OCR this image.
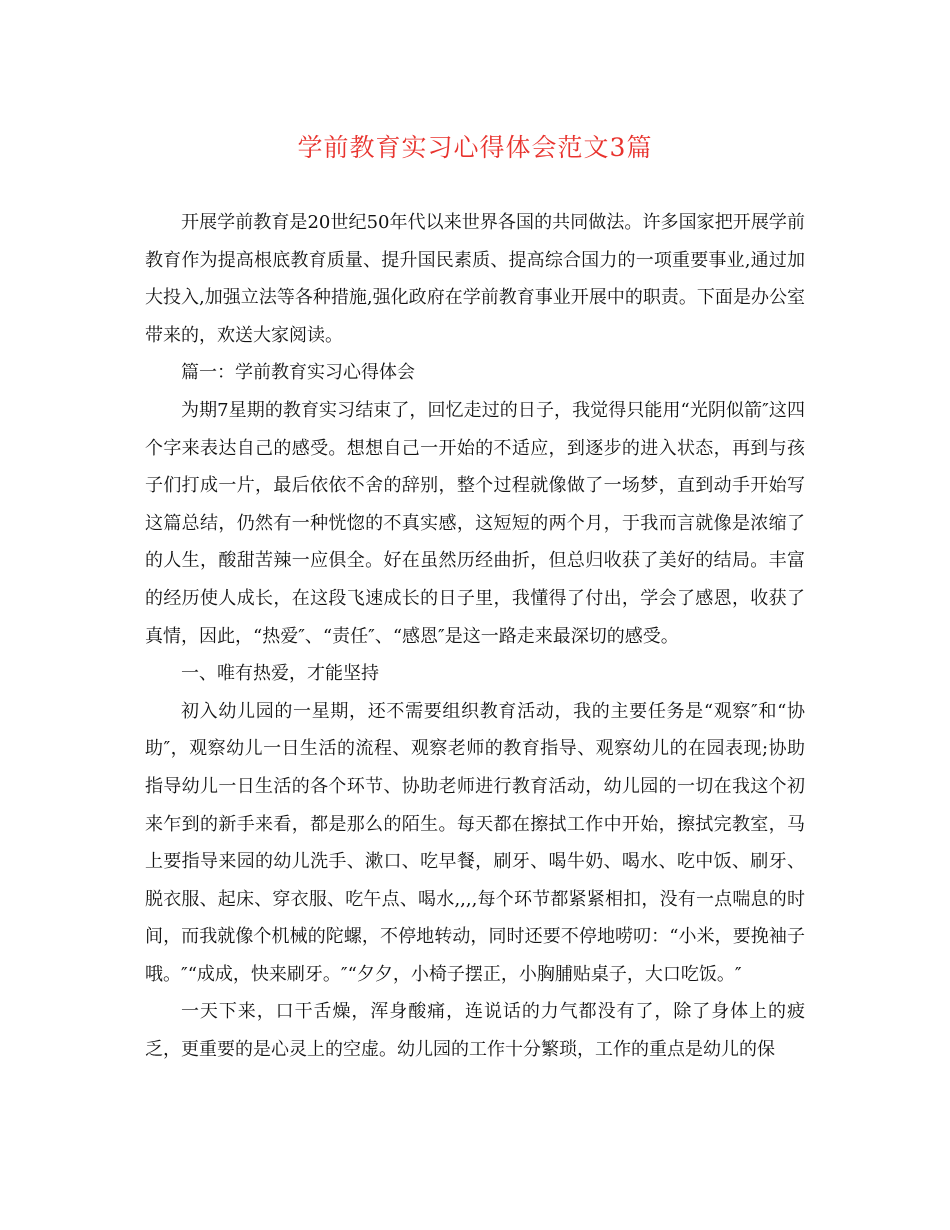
学前教育实习心得体会范文3篇

开展学前教育是20世纪50年代以来世界各国的共同做法。许多国家把开展学前教育作为提高根底教育质量、提升国民素质、提高综合国力的一项重要事业,通过加大投入,加强立法等各种措施,强化政府在学前教育事业开展中的职责。下面是办公室带来的，欢送大家阅读。

篇一：学前教育实习心得体会

为期7星期的教育实习结束了，回忆走过的日子，我觉得只能用“光阴似箭″这四个字来表达自己的感受。想想自己一开始的不适应，到逐步的进入状态，再到与孩子们打成一片，最后依依不舍的辞别，整个过程就像做了一场梦，直到动手开始写这篇总结，仍然有一种恍惚的不真实感，这短短的两个月，于我而言就像是浓缩了的人生，酸甜苦辣一应俱全。好在虽然历经曲折，但总归收获了美好的结局。丰富的经历使人成长，在这段飞速成长的日子里，我懂得了付出，学会了感恩，收获了真情，因此，“热爱″、“责任″、“感恩″是这一路走来最深切的感受。

一、唯有热爱，才能坚持

初入幼儿园的一星期，还不需要组织教育活动，我的主要任务是“观察″和“协助″，观察幼儿一日生活的流程、观察老师的教育指导、观察幼儿的在园表现;协助指导幼儿一日生活的各个环节、协助老师进行教育活动，幼儿园的一切在我这个初来乍到的新手来看，都是那么的陌生。每天都在擦拭工作中开始，擦拭完教室，马上要指导来园的幼儿洗手、漱口、吃早餐，刷牙、喝牛奶、喝水、吃中饭、刷牙、脱衣服、起床、穿衣服、吃午点、喝水,,,,每个环节都紧紧相扣，没有一点喘息的时间，而我就像个机械的陀螺，不停地转动，同时还要不停地唠叨：“小米，要挽袖子哦。″“成成，快来刷牙。″“夕夕，小椅子摆正，小胸脯贴桌子，大口吃饭。″

一天下来，口干舌燥，浑身酸痛，连说话的力气都没有了，除了身体上的疲乏，更重要的是心灵上的空虚。幼儿园的工作十分繁琐，工作的重点是幼儿的保
